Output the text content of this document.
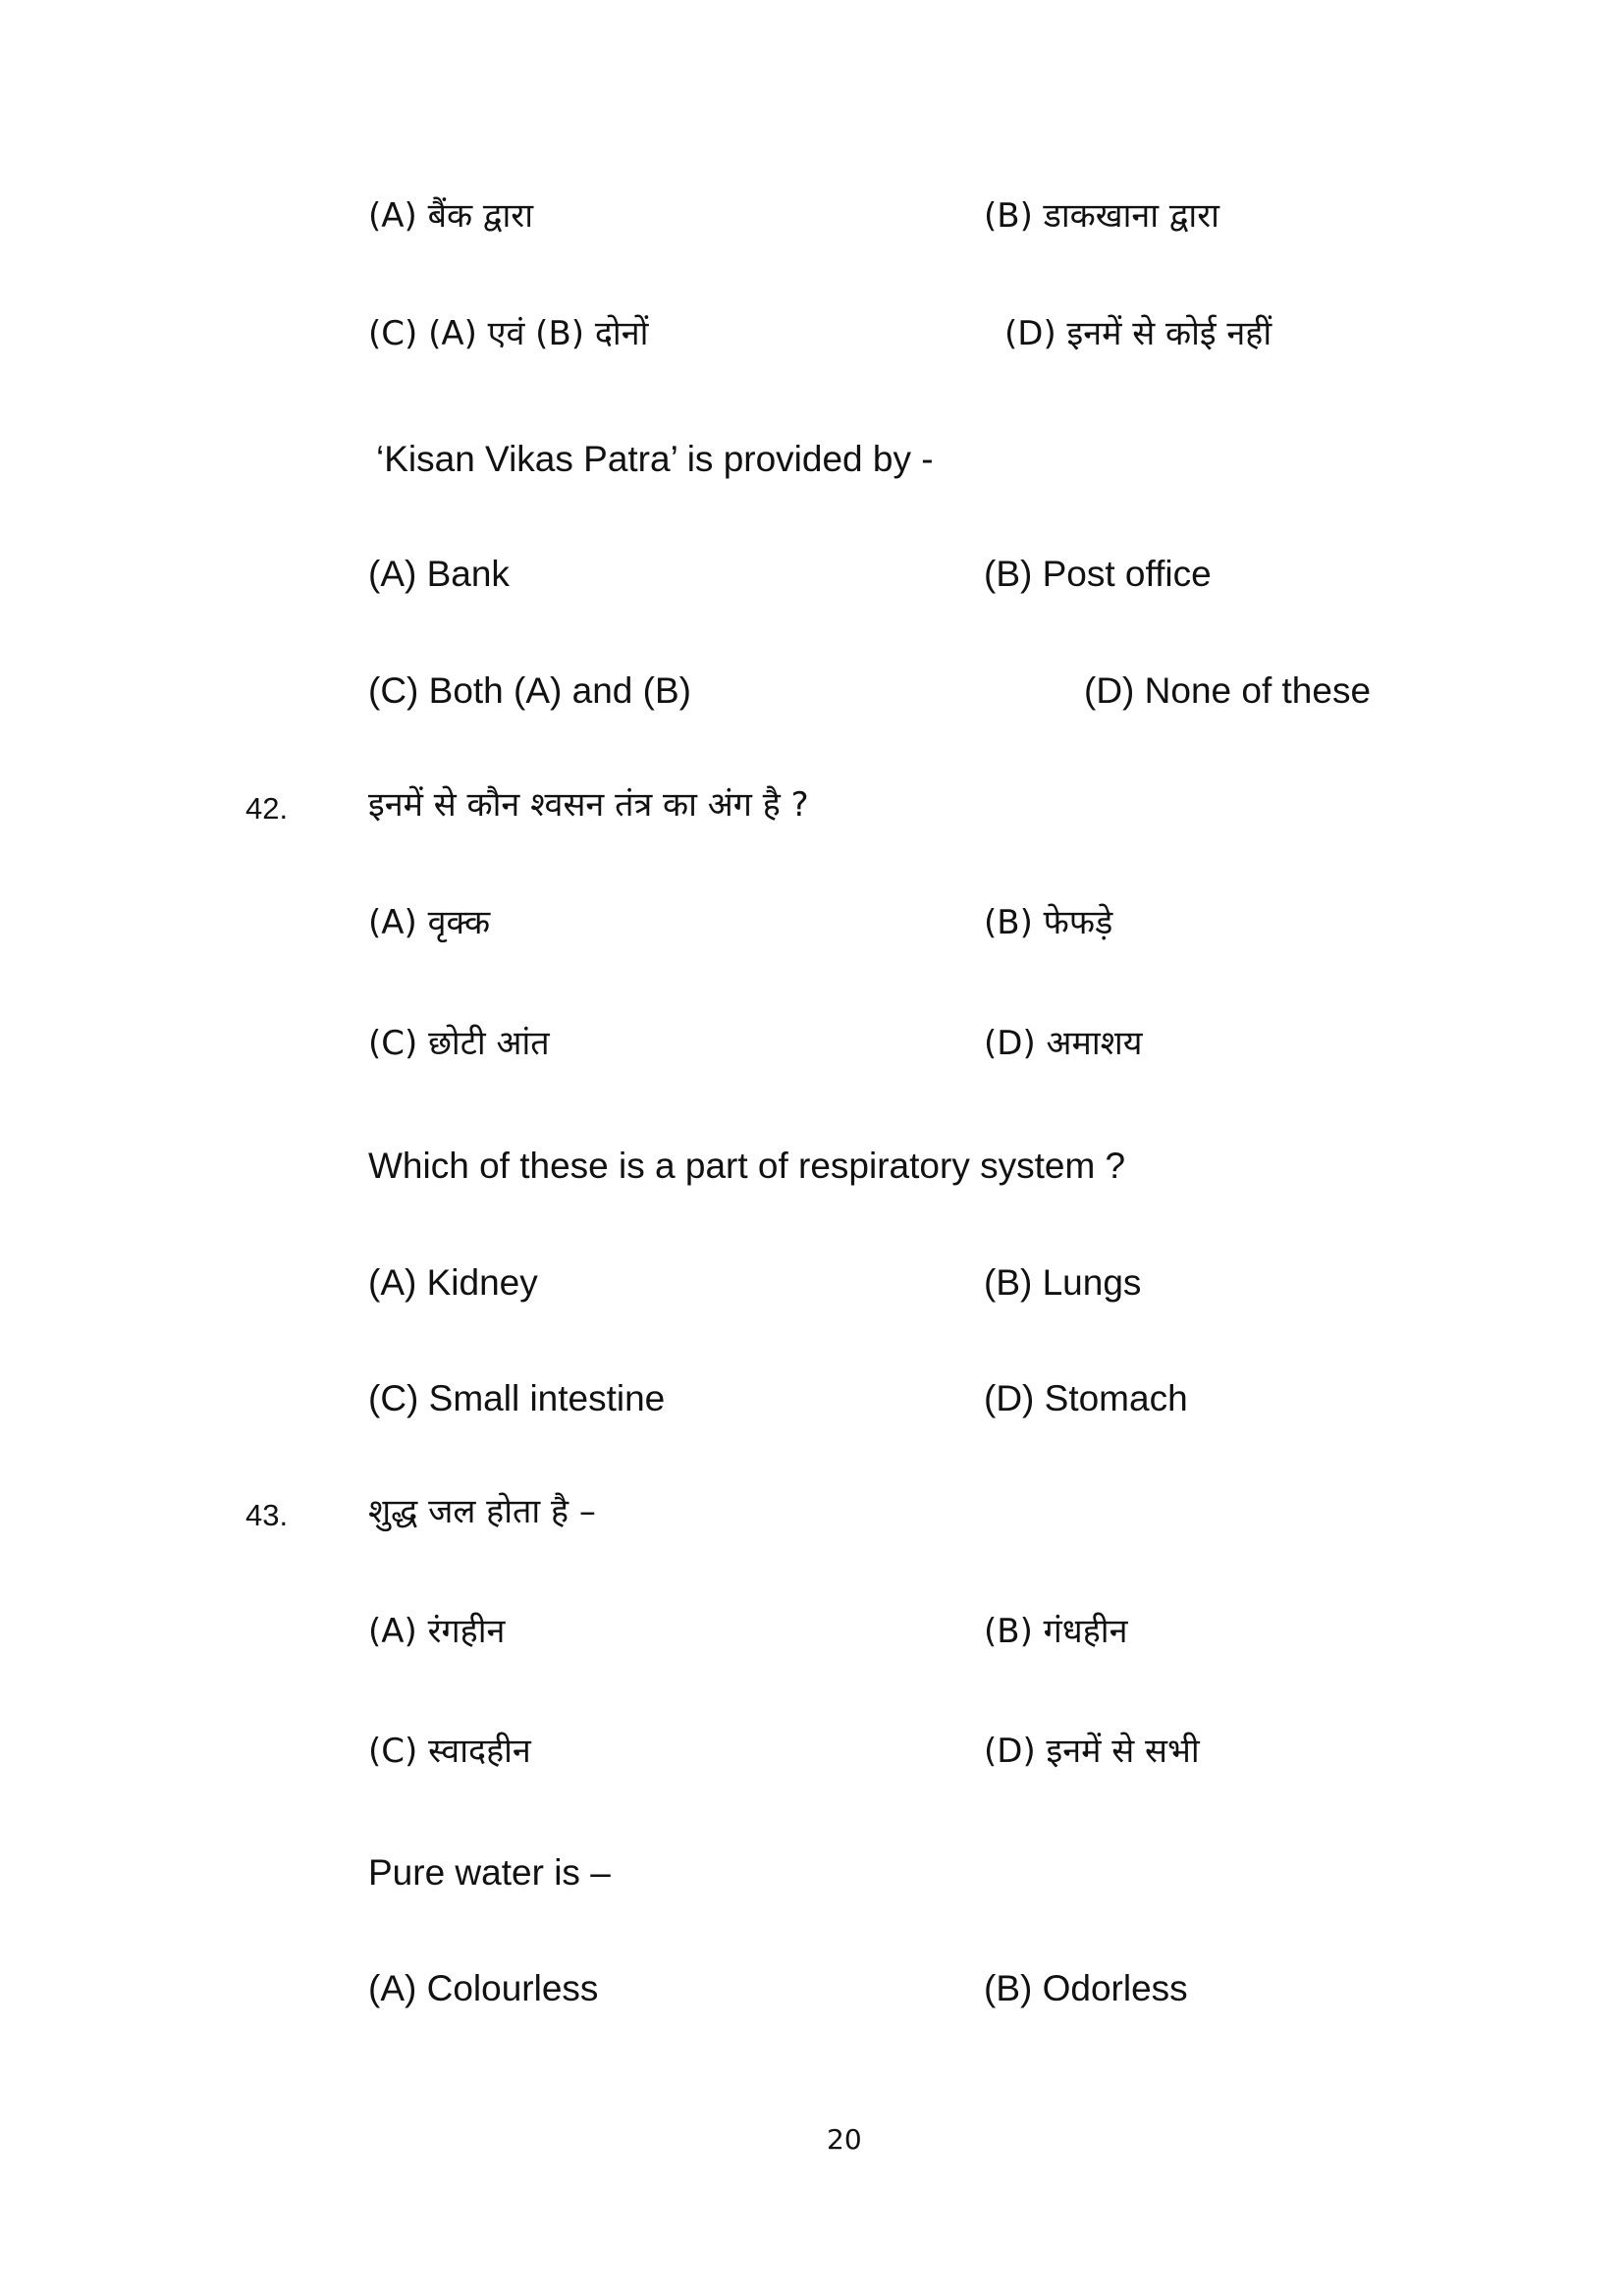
(A) बैंक द्वारा	(B) डाकखाना द्वारा
(C) (A) एवं (B) दोनों	(D) इनमें से कोई नहीं
‘Kisan Vikas Patra’ is provided by -
(A) Bank	(B) Post office
(C) Both (A) and (B)	(D) None of these
42. इनमें से कौन श्वसन तंत्र का अंग है ?
(A) वृक्क	(B) फेफड़े
(C) छोटी आंत	(D) अमाशय
Which of these is a part of respiratory system ?
(A) Kidney	(B) Lungs
(C) Small intestine	(D) Stomach
43. शुद्ध जल होता है –
(A) रंगहीन	(B) गंधहीन
(C) स्वादहीन	(D) इनमें से सभी
Pure water is –
(A) Colourless	(B) Odorless
20
